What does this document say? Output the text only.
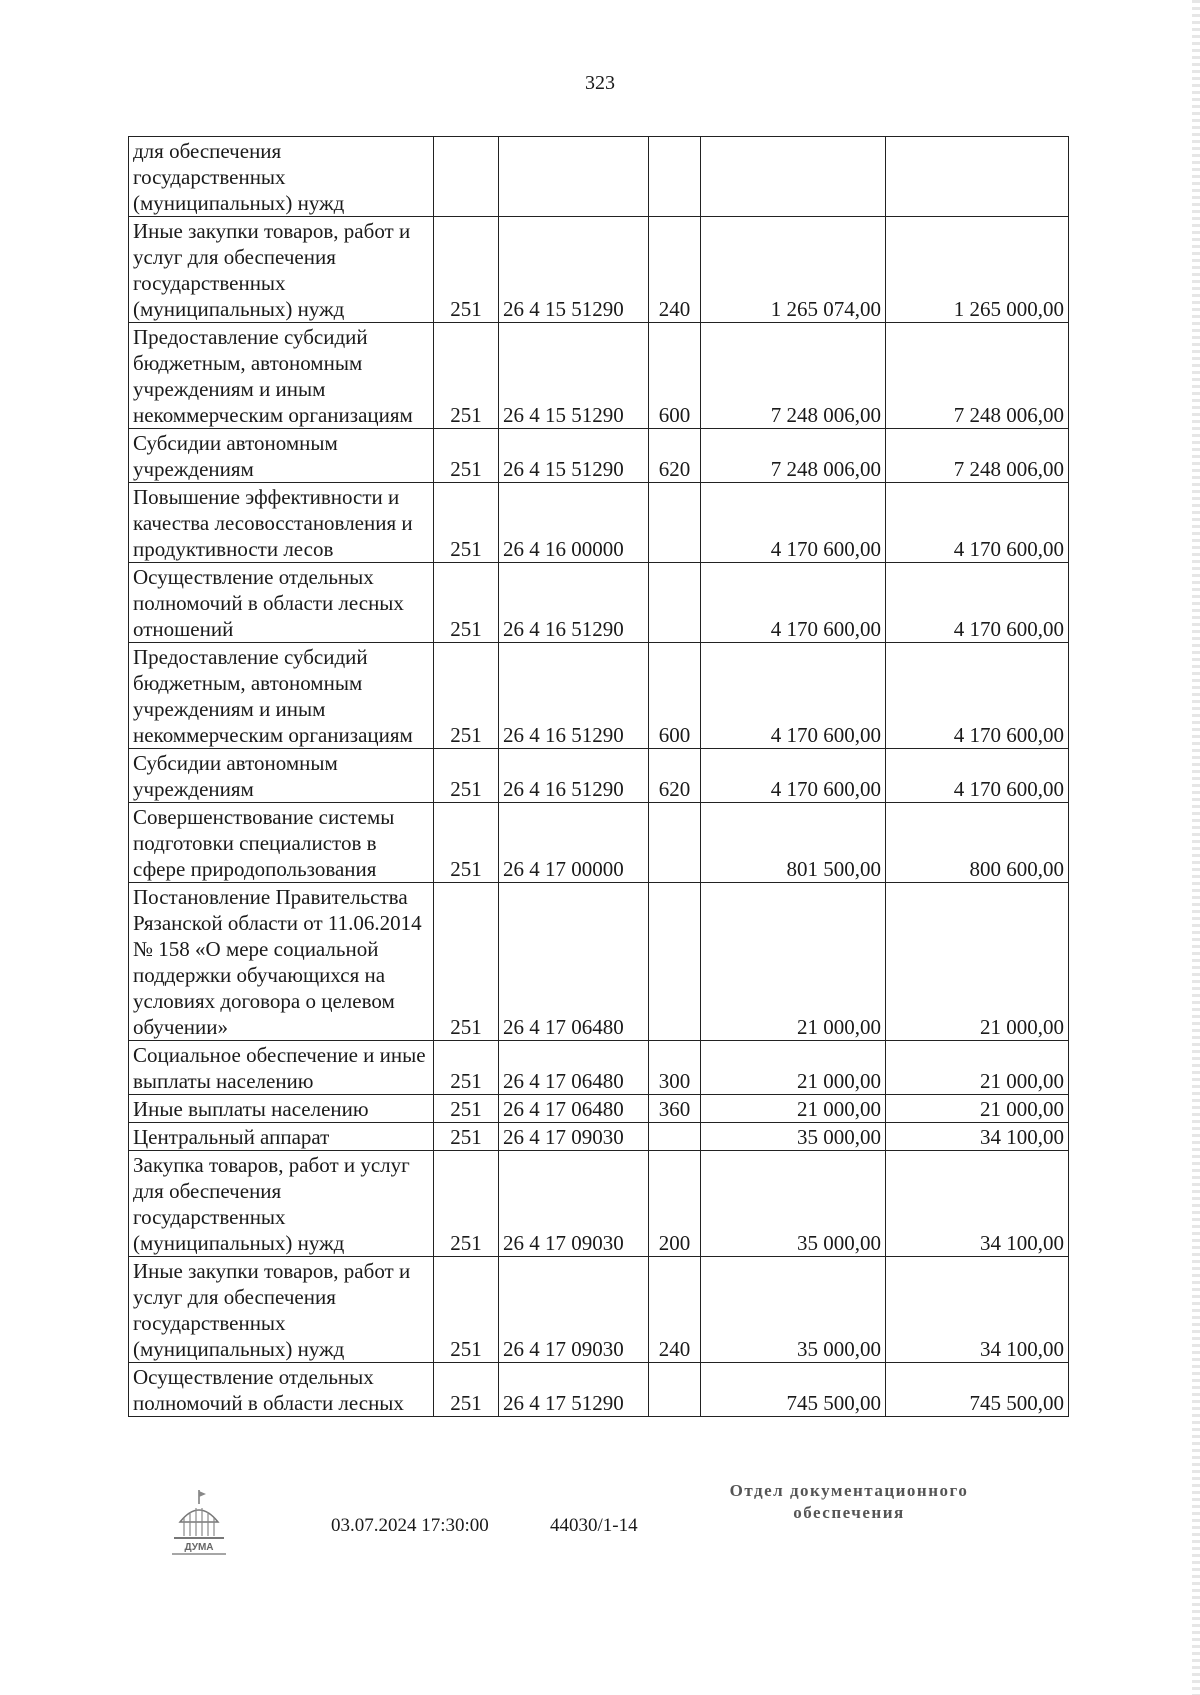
323
для обеспечения государственных (муниципальных) нужд					
Иные закупки товаров, работ и услуг для обеспечения государственных (муниципальных) нужд	251	26 4 15 51290	240	1 265 074,00	1 265 000,00
Предоставление субсидий бюджетным, автономным учреждениям и иным некоммерческим организациям	251	26 4 15 51290	600	7 248 006,00	7 248 006,00
Субсидии автономным учреждениям	251	26 4 15 51290	620	7 248 006,00	7 248 006,00
Повышение эффективности и качества лесовосстановления и продуктивности лесов	251	26 4 16 00000		4 170 600,00	4 170 600,00
Осуществление отдельных полномочий в области лесных отношений	251	26 4 16 51290		4 170 600,00	4 170 600,00
Предоставление субсидий бюджетным, автономным учреждениям и иным некоммерческим организациям	251	26 4 16 51290	600	4 170 600,00	4 170 600,00
Субсидии автономным учреждениям	251	26 4 16 51290	620	4 170 600,00	4 170 600,00
Совершенствование системы подготовки специалистов в сфере природопользования	251	26 4 17 00000		801 500,00	800 600,00
Постановление Правительства Рязанской области от 11.06.2014 № 158 «О мере социальной поддержки обучающихся на условиях договора о целевом обучении»	251	26 4 17 06480		21 000,00	21 000,00
Социальное обеспечение и иные выплаты населению	251	26 4 17 06480	300	21 000,00	21 000,00
Иные выплаты населению	251	26 4 17 06480	360	21 000,00	21 000,00
Центральный аппарат	251	26 4 17 09030		35 000,00	34 100,00
Закупка товаров, работ и услуг для обеспечения государственных (муниципальных) нужд	251	26 4 17 09030	200	35 000,00	34 100,00
Иные закупки товаров, работ и услуг для обеспечения государственных (муниципальных) нужд	251	26 4 17 09030	240	35 000,00	34 100,00
Осуществление отдельных полномочий в области лесных	251	26 4 17 51290		745 500,00	745 500,00
ДУМА
03.07.2024 17:30:00	44030/1-14
Отдел документационного
обеспечения
